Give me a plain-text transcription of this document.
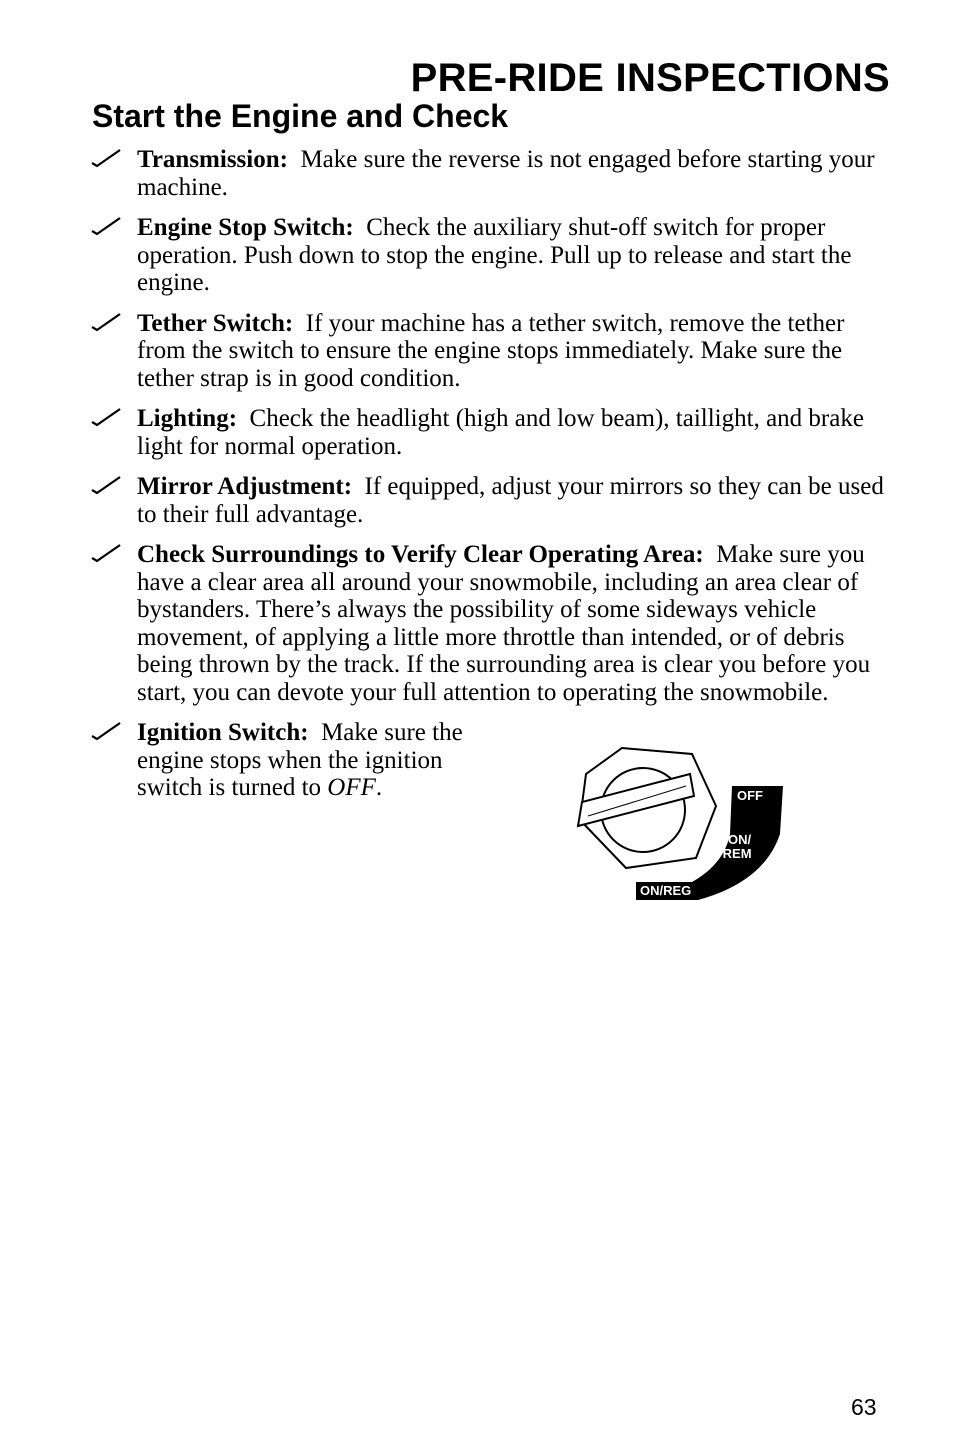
PRE-RIDE INSPECTIONS
Start the Engine and Check
Transmission: Make sure the reverse is not engaged before starting your machine.
Engine Stop Switch: Check the auxiliary shut-off switch for proper operation. Push down to stop the engine. Pull up to release and start the engine.
Tether Switch: If your machine has a tether switch, remove the tether from the switch to ensure the engine stops immediately. Make sure the tether strap is in good condition.
Lighting: Check the headlight (high and low beam), taillight, and brake light for normal operation.
Mirror Adjustment: If equipped, adjust your mirrors so they can be used to their full advantage.
Check Surroundings to Verify Clear Operating Area: Make sure you have a clear area all around your snowmobile, including an area clear of bystanders. There’s always the possibility of some sideways vehicle movement, of applying a little more throttle than intended, or of debris being thrown by the track. If the surrounding area is clear you before you start, you can devote your full attention to operating the snowmobile.
Ignition Switch: Make sure the engine stops when the ignition switch is turned to OFF.	OFF
ON/
PREM
ON/REG
63
